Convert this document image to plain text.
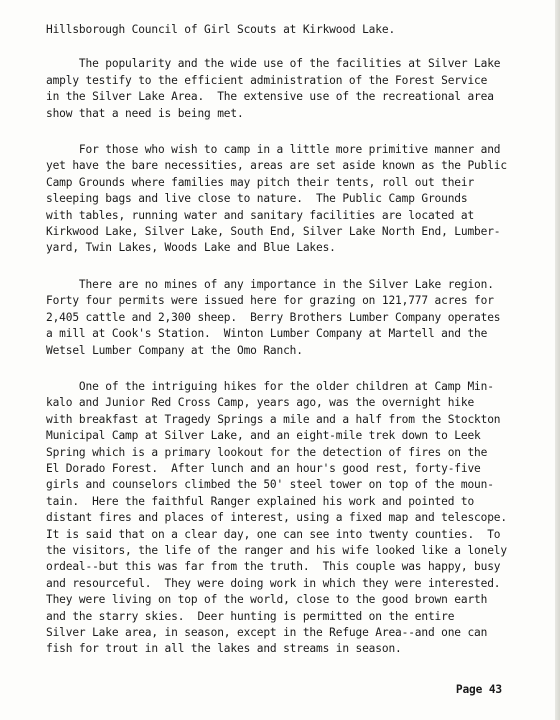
Hillsborough Council of Girl Scouts at Kirkwood Lake.
The popularity and the wide use of the facilities at Silver Lake
amply testify to the efficient administration of the Forest Service
in the Silver Lake Area.  The extensive use of the recreational area
show that a need is being met.
For those who wish to camp in a little more primitive manner and
yet have the bare necessities, areas are set aside known as the Public
Camp Grounds where families may pitch their tents, roll out their
sleeping bags and live close to nature.  The Public Camp Grounds
with tables, running water and sanitary facilities are located at
Kirkwood Lake, Silver Lake, South End, Silver Lake North End, Lumber-
yard, Twin Lakes, Woods Lake and Blue Lakes.
There are no mines of any importance in the Silver Lake region.
Forty four permits were issued here for grazing on 121,777 acres for
2,405 cattle and 2,300 sheep.  Berry Brothers Lumber Company operates
a mill at Cook's Station.  Winton Lumber Company at Martell and the
Wetsel Lumber Company at the Omo Ranch.
One of the intriguing hikes for the older children at Camp Min-
kalo and Junior Red Cross Camp, years ago, was the overnight hike
with breakfast at Tragedy Springs a mile and a half from the Stockton
Municipal Camp at Silver Lake, and an eight-mile trek down to Leek
Spring which is a primary lookout for the detection of fires on the
El Dorado Forest.  After lunch and an hour's good rest, forty-five
girls and counselors climbed the 50' steel tower on top of the moun-
tain.  Here the faithful Ranger explained his work and pointed to
distant fires and places of interest, using a fixed map and telescope.
It is said that on a clear day, one can see into twenty counties.  To
the visitors, the life of the ranger and his wife looked like a lonely
ordeal--but this was far from the truth.  This couple was happy, busy
and resourceful.  They were doing work in which they were interested.
They were living on top of the world, close to the good brown earth
and the starry skies.  Deer hunting is permitted on the entire
Silver Lake area, in season, except in the Refuge Area--and one can
fish for trout in all the lakes and streams in season.
Page 43
